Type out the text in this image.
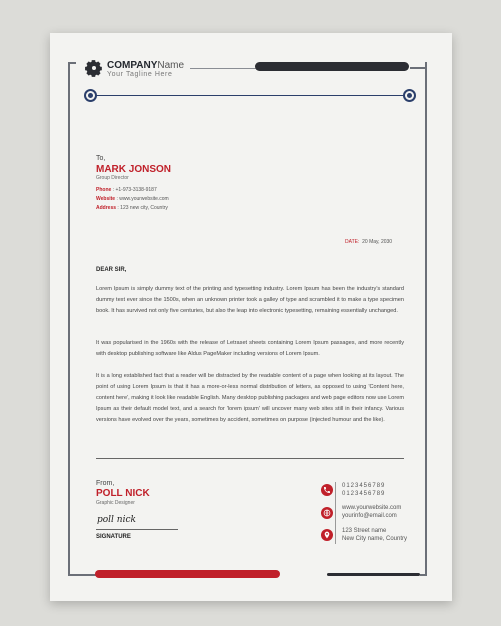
COMPANYName
Your Tagline Here
To,
MARK JONSON
Group Director
Phone : +1-973-3138-9187
Website : www.yourwebsite.com
Address : 123 new city, Country
DATE: 20 May, 2030
DEAR SIR,
Lorem Ipsum is simply dummy text of the printing and typesetting industry. Lorem Ipsum has been the industry's standard dummy text ever since the 1500s, when an unknown printer took a galley of type and scrambled it to make a type specimen book. It has survived not only five centuries, but also the leap into electronic typesetting, remaining essentially unchanged.
It was popularised in the 1960s with the release of Letraset sheets containing Lorem Ipsum passages, and more recently with desktop publishing software like Aldus PageMaker including versions of Lorem Ipsum.
It is a long established fact that a reader will be distracted by the readable content of a page when looking at its layout. The point of using Lorem Ipsum is that it has a more-or-less normal distribution of letters, as opposed to using 'Content here, content here', making it look like readable English. Many desktop publishing packages and web page editors now use Lorem Ipsum as their default model text, and a search for 'lorem ipsum' will uncover many web sites still in their infancy. Various versions have evolved over the years, sometimes by accident, sometimes on purpose (injected humour and the like).
From,
POLL NICK
Graphic Designer
poll nick
SIGNATURE
0123456789
0123456789
www.yourwebsite.com
yourinfo@email.com
123 Street name
New City name, Country
